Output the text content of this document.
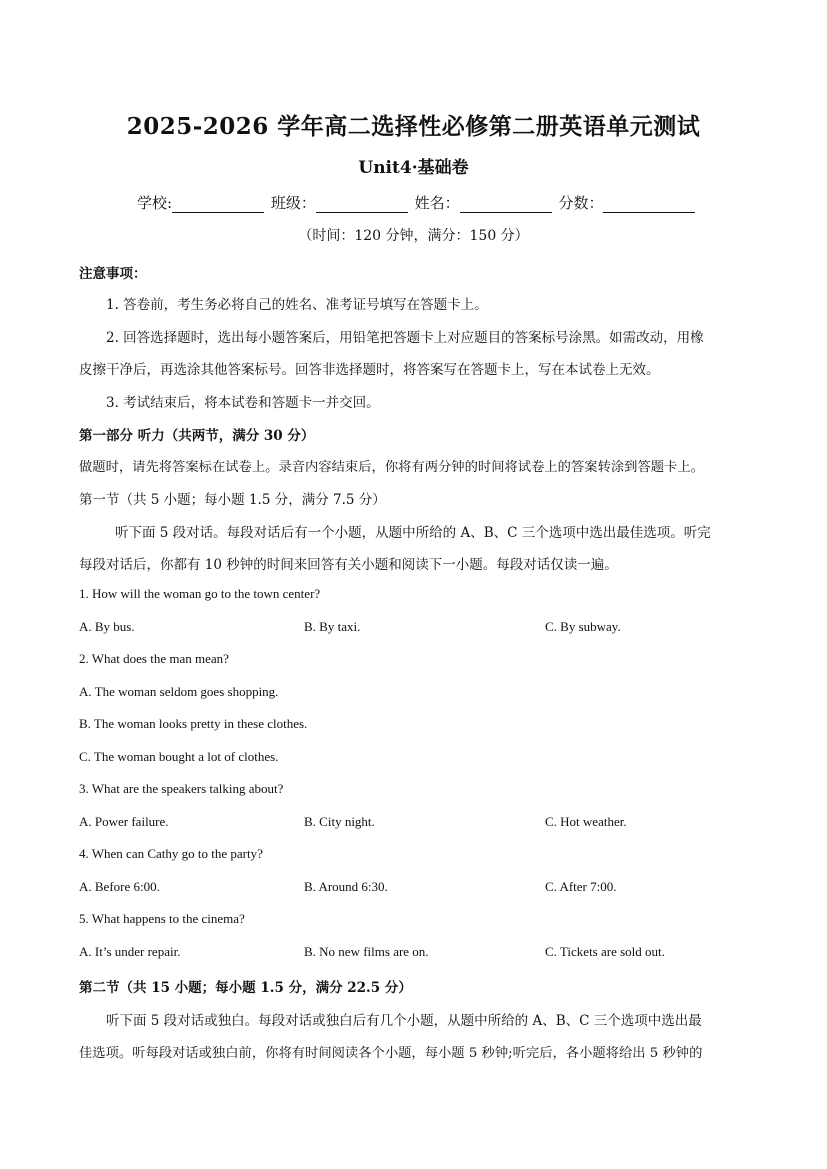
2025-2026 学年高二选择性必修第二册英语单元测试
Unit4·基础卷
学校:	班级：	姓名：	分数：
（时间：120 分钟，满分：150 分）
注意事项：
1. 答卷前，考生务必将自己的姓名、准考证号填写在答题卡上。
2. 回答选择题时，选出每小题答案后，用铅笔把答题卡上对应题目的答案标号涂黑。如需改动，用橡
皮擦干净后，再选涂其他答案标号。回答非选择题时，将答案写在答题卡上，写在本试卷上无效。
3. 考试结束后，将本试卷和答题卡一并交回。
第一部分 听力（共两节，满分 30 分）
做题时，请先将答案标在试卷上。录音内容结束后，你将有两分钟的时间将试卷上的答案转涂到答题卡上。
第一节（共 5 小题；每小题 1.5 分，满分 7.5 分）
听下面 5 段对话。每段对话后有一个小题，从题中所给的 A、B、C 三个选项中选出最佳选项。听完
每段对话后，你都有 10 秒钟的时间来回答有关小题和阅读下一小题。每段对话仅读一遍。
1. How will the woman go to the town center?
A. By bus.	B. By taxi.	C. By subway.
2. What does the man mean?
A. The woman seldom goes shopping.
B. The woman looks pretty in these clothes.
C. The woman bought a lot of clothes.
3. What are the speakers talking about?
A. Power failure.	B. City night.	C. Hot weather.
4. When can Cathy go to the party?
A. Before 6:00.	B. Around 6:30.	C. After 7:00.
5. What happens to the cinema?
A. It’s under repair.	B. No new films are on.	C. Tickets are sold out.
第二节（共 15 小题；每小题 1.5 分，满分 22.5 分）
听下面 5 段对话或独白。每段对话或独白后有几个小题，从题中所给的 A、B、C 三个选项中选出最
佳选项。听每段对话或独白前，你将有时间阅读各个小题，每小题 5 秒钟;听完后，各小题将给出 5 秒钟的
